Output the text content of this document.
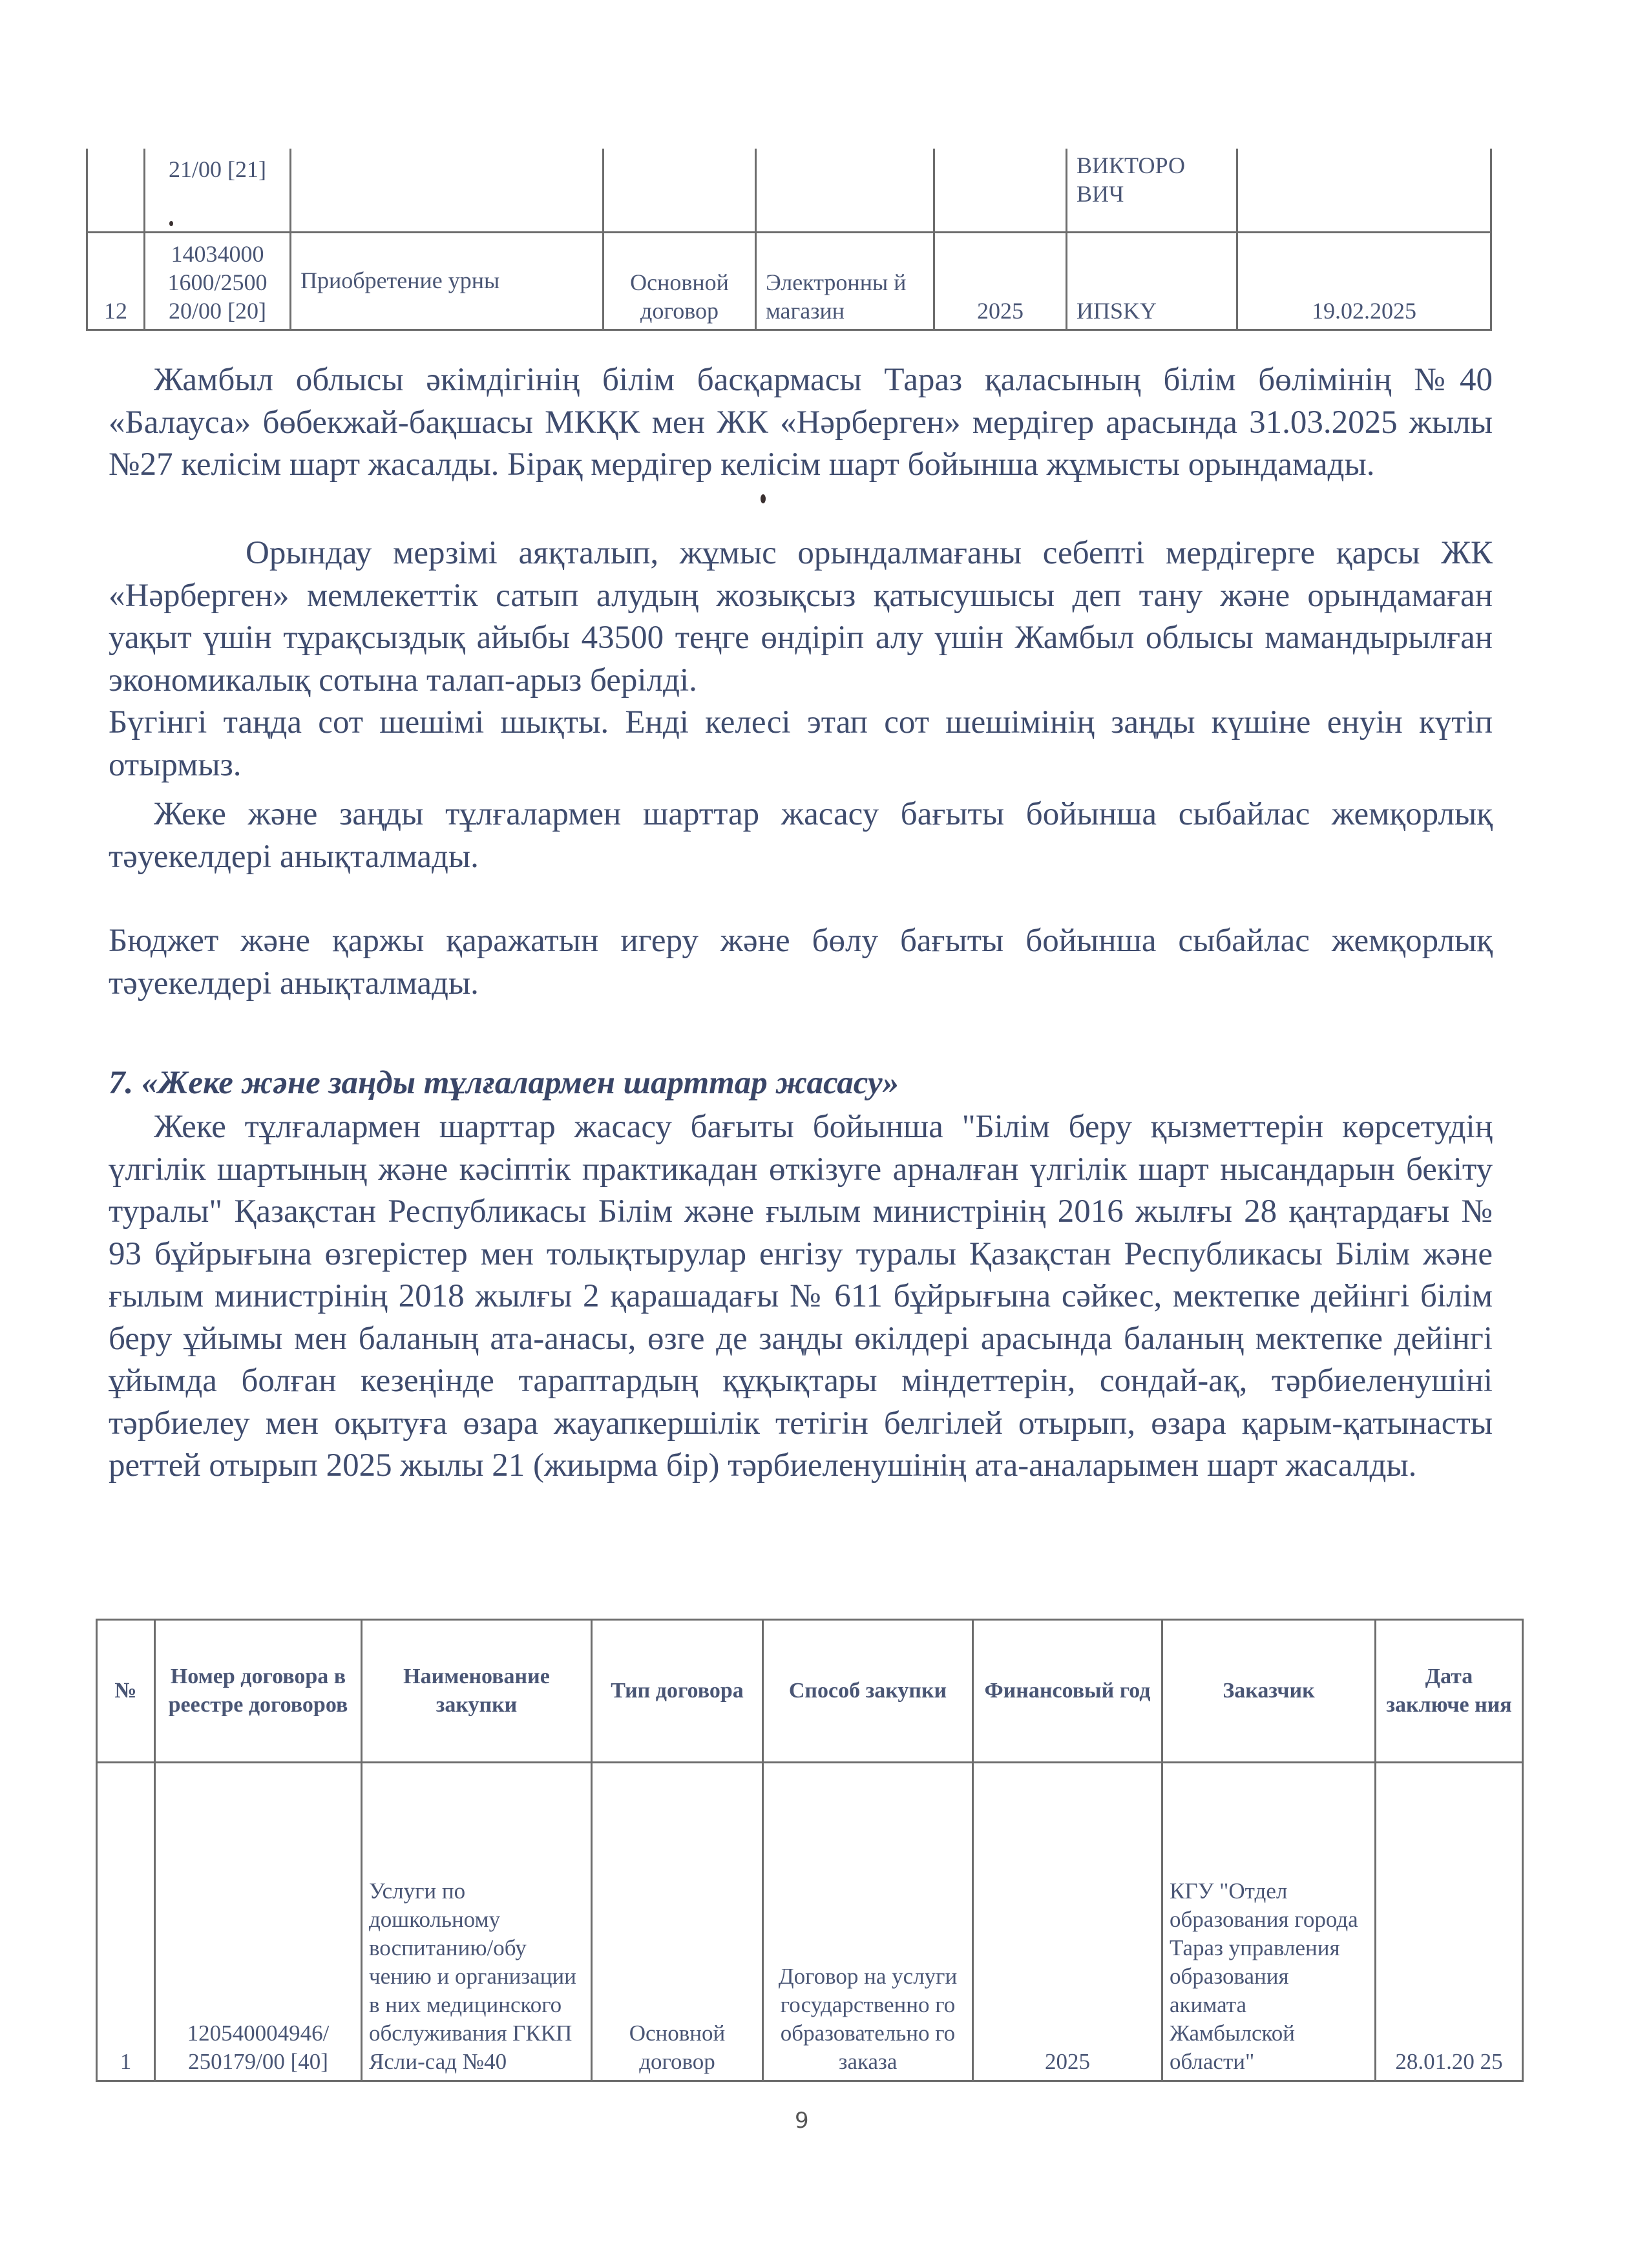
	21/00 [21]					ВИКТОРО ВИЧ	
12	14034000 1600/2500 20/00 [20]	Приобретение урны	Основной договор	Электронны й магазин	2025	ИПSKY	19.02.2025

Жамбыл облысы әкімдігінің білім басқармасы Тараз қаласының білім бөлімінің №40 «Балауса» бөбекжай-бақшасы МКҚК мен ЖК «Нәрберген» мердігер арасында 31.03.2025 жылы №27 келісім шарт жасалды. Бірақ мердігер келісім шарт бойынша жұмысты орындамады.

Орындау мерзімі аяқталып, жұмыс орындалмағаны себепті мердігерге қарсы ЖК «Нәрберген» мемлекеттік сатып алудың жозықсыз қатысушысы деп тану және орындамаған уақыт үшін тұрақсыздық айыбы 43500 теңге өндіріп алу үшін Жамбыл облысы мамандырылған экономикалық сотына талап-арыз берілді.

Бүгінгі таңда сот шешімі шықты. Енді келесі этап сот шешімінің заңды күшіне енуін күтіп отырмыз.

Жеке және заңды тұлғалармен шарттар жасасу бағыты бойынша сыбайлас жемқорлық тәуекелдері анықталмады.

Бюджет және қаржы қаражатын игеру және бөлу бағыты бойынша сыбайлас жемқорлық тәуекелдері анықталмады.

7. «Жеке және заңды тұлғалармен шарттар жасасу»

Жеке тұлғалармен шарттар жасасу бағыты бойынша "Білім беру қызметтерін көрсетудің үлгілік шартының және кәсіптік практикадан өткізуге арналған үлгілік шарт нысандарын бекіту туралы" Қазақстан Республикасы Білім және ғылым министрінің 2016 жылғы 28 қаңтардағы № 93 бұйрығына өзгерістер мен толықтырулар енгізу туралы Қазақстан Республикасы Білім және ғылым министрінің 2018 жылғы 2 қарашадағы № 611 бұйрығына сәйкес, мектепке дейінгі білім беру ұйымы мен баланың ата-анасы, өзге де заңды өкілдері арасында баланың мектепке дейінгі ұйымда болған кезеңінде тараптардың құқықтары міндеттерін, сондай-ақ, тәрбиеленушіні тәрбиелеу мен оқытуға өзара жауапкершілік тетігін белгілей отырып, өзара қарым-қатынасты реттей отырып 2025 жылы 21 (жиырма бір) тәрбиеленушінің ата-аналарымен шарт жасалды.

№	Номер договора в реестре договоров	Наименование закупки	Тип договора	Способ закупки	Финансовый год	Заказчик	Дата заключе ния
1	120540004946/ 250179/00 [40]	Услуги по дошкольному воспитанию/обу чению и организации в них медицинского обслуживания ГККП Ясли-сад №40	Основной договор	Договор на услуги государственно го образовательно го заказа	2025	КГУ "Отдел образования города Тараз управления образования акимата Жамбылской области"	28.01.20 25
9
